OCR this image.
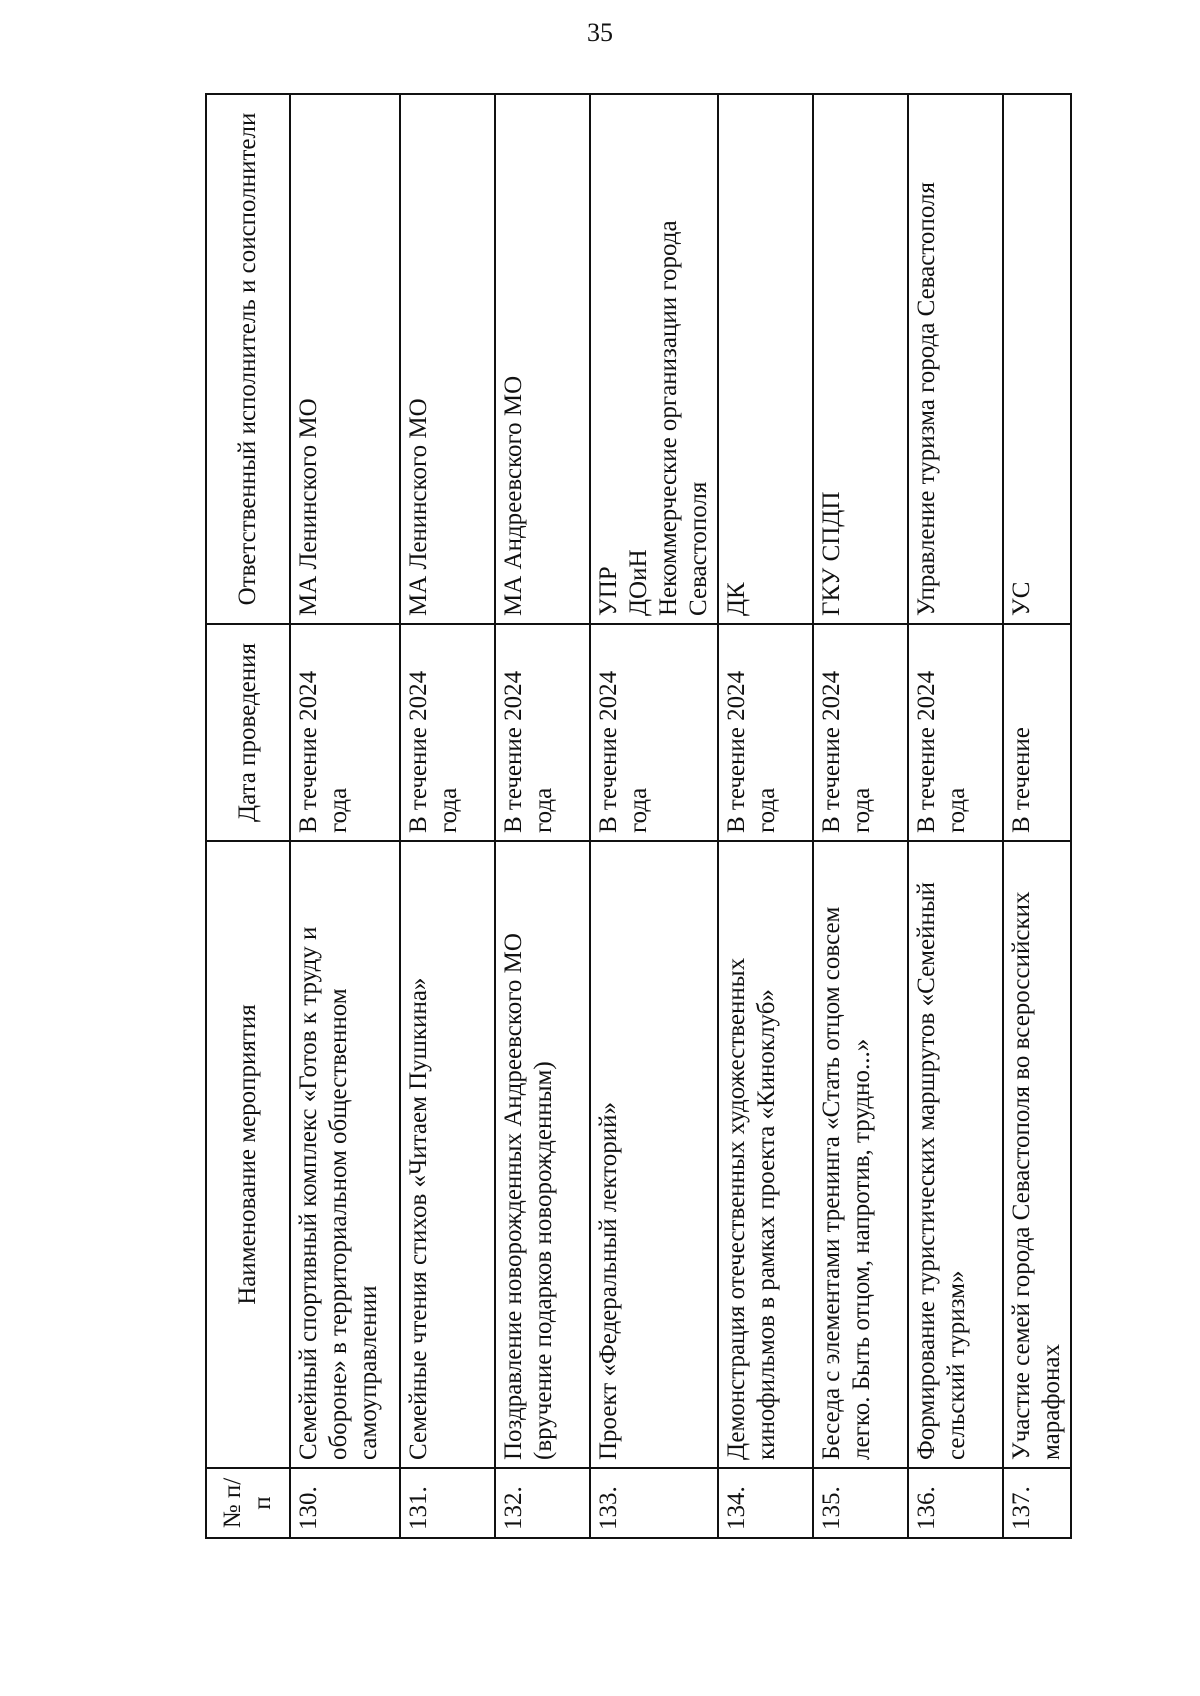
35
№ п/п	Наименование мероприятия	Дата проведения	Ответственный исполнитель и соисполнители
130.	Семейный спортивный комплекс «Готов к труду и обороне» в территориальном общественном самоуправлении	В течение 2024 года	МА Ленинского МО

131.	Семейные чтения стихов «Читаем Пушкина»	В течение 2024 года	МА Ленинского МО

132.	Поздравление новорожденных Андреевского МО (вручение подарков новорожденным)	В течение 2024 года	МА Андреевского МО

133.	Проект «Федеральный лекторий»	В течение 2024 года	УПР ДОиН Некоммерческие организации города Севастополя

134.	Демонстрация отечественных художественных кинофильмов в рамках проекта «Киноклуб»	В течение 2024 года	ДК

135.	Беседа с элементами тренинга «Стать отцом совсем легко. Быть отцом, напротив, трудно...»	В течение 2024 года	ГКУ СПДП

136.	Формирование туристических маршрутов «Семейный сельский туризм»	В течение 2024 года	Управление туризма города Севастополя

137.	Участие семей города Севастополя во всероссийских марафонах	В течение	УС
